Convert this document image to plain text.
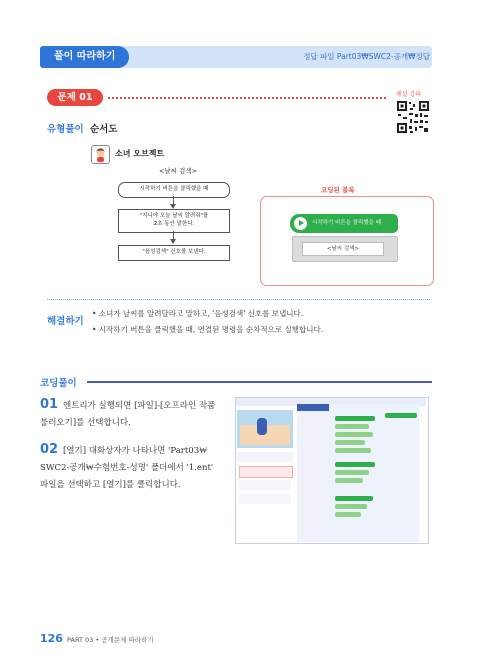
풀이 따라하기	정답 파일 Part03₩SWC2-공개₩정답
문제 01	해설 강의
유형풀이 순서도
소녀 오브젝트
<날씨 검색>
시작하기 버튼을 클릭했을 때
"지니야 오늘 날씨 알려줘"를
2초 동안 말한다.
"음성검색" 신호를 보낸다.
코딩된 블록
시작하기 버튼을 클릭했을 때
<날씨 검색>
해결하기
• 소녀가 날씨를 알려달라고 말하고, '음성검색' 신호를 보냅니다.
• 시작하기 버튼을 클릭했을 때, 연결된 명령을 순차적으로 실행합니다.
코딩풀이
01 엔트리가 실행되면 [파일]-[오프라인 작품
불러오기]를 선택합니다.
02 [열기] 대화상자가 나타나면 'Part03₩
SWC2-공개₩수험번호-성명' 폴더에서 '1.ent'
파일을 선택하고 [열기]를 클릭합니다.
126 PART 03 • 공개문제 따라하기
